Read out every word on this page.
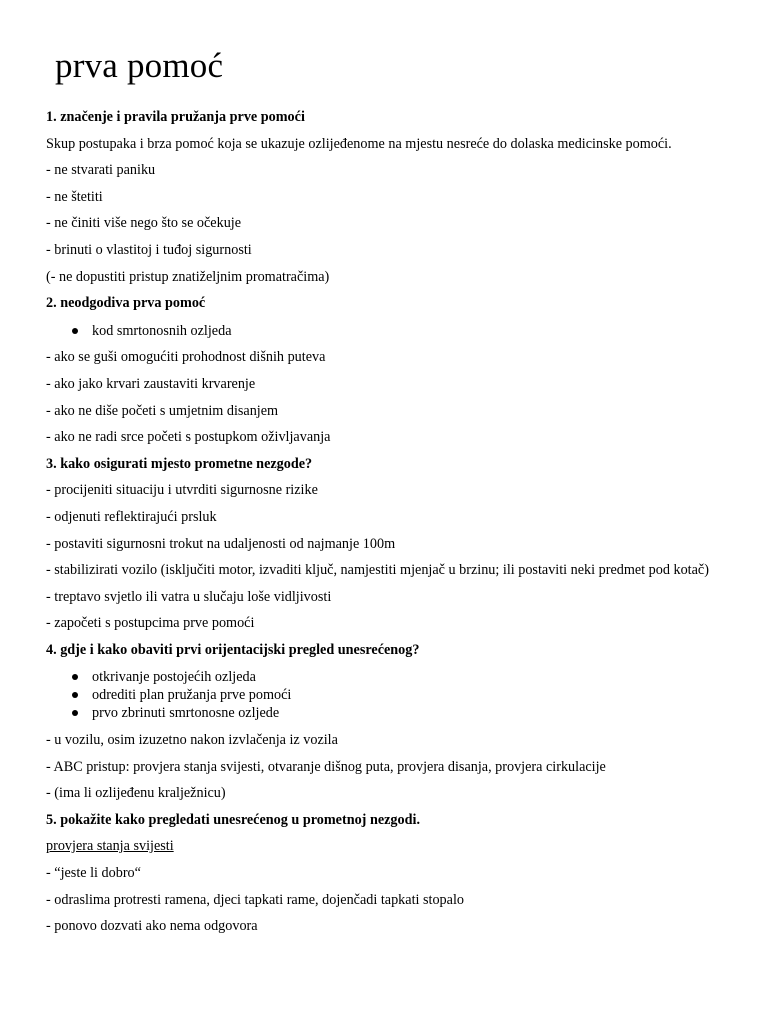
prva pomoć

1. značenje i pravila pružanja prve pomoći

Skup postupaka i brza pomoć koja se ukazuje ozlijeđenome na mjestu nesreće do dolaska medicinske pomoći.

- ne stvarati paniku

- ne štetiti

- ne činiti više nego što se očekuje

- brinuti o vlastitoj i tuđoj sigurnosti

(- ne dopustiti pristup znatiželjnim promatračima)

2. neodgodiva prva pomoć

kod smrtonosnih ozljeda

- ako se guši omogućiti prohodnost dišnih puteva

- ako jako krvari zaustaviti krvarenje

- ako ne diše početi s umjetnim disanjem

- ako ne radi srce početi s postupkom oživljavanja

3. kako osigurati mjesto prometne nezgode?

- procijeniti situaciju i utvrditi sigurnosne rizike

- odjenuti reflektirajući prsluk

- postaviti sigurnosni trokut na udaljenosti od najmanje 100m

- stabilizirati vozilo (isključiti motor, izvaditi ključ, namjestiti mjenjač u brzinu; ili postaviti neki predmet pod kotač)

- treptavo svjetlo ili vatra u slučaju loše vidljivosti

- započeti s postupcima prve pomoći

4. gdje i kako obaviti prvi orijentacijski pregled unesrećenog?

otkrivanje postojećih ozljeda
odrediti plan pružanja prve pomoći
prvo zbrinuti smrtonosne ozljede

- u vozilu, osim izuzetno nakon izvlačenja iz vozila

- ABC pristup: provjera stanja svijesti, otvaranje dišnog puta, provjera disanja, provjera cirkulacije

- (ima li ozlijeđenu kralježnicu)

5. pokažite kako pregledati unesrećenog u prometnoj nezgodi.

provjera stanja svijesti

- “jeste li dobro“

- odraslima protresti ramena, djeci tapkati rame, dojenčadi tapkati stopalo

- ponovo dozvati ako nema odgovora
